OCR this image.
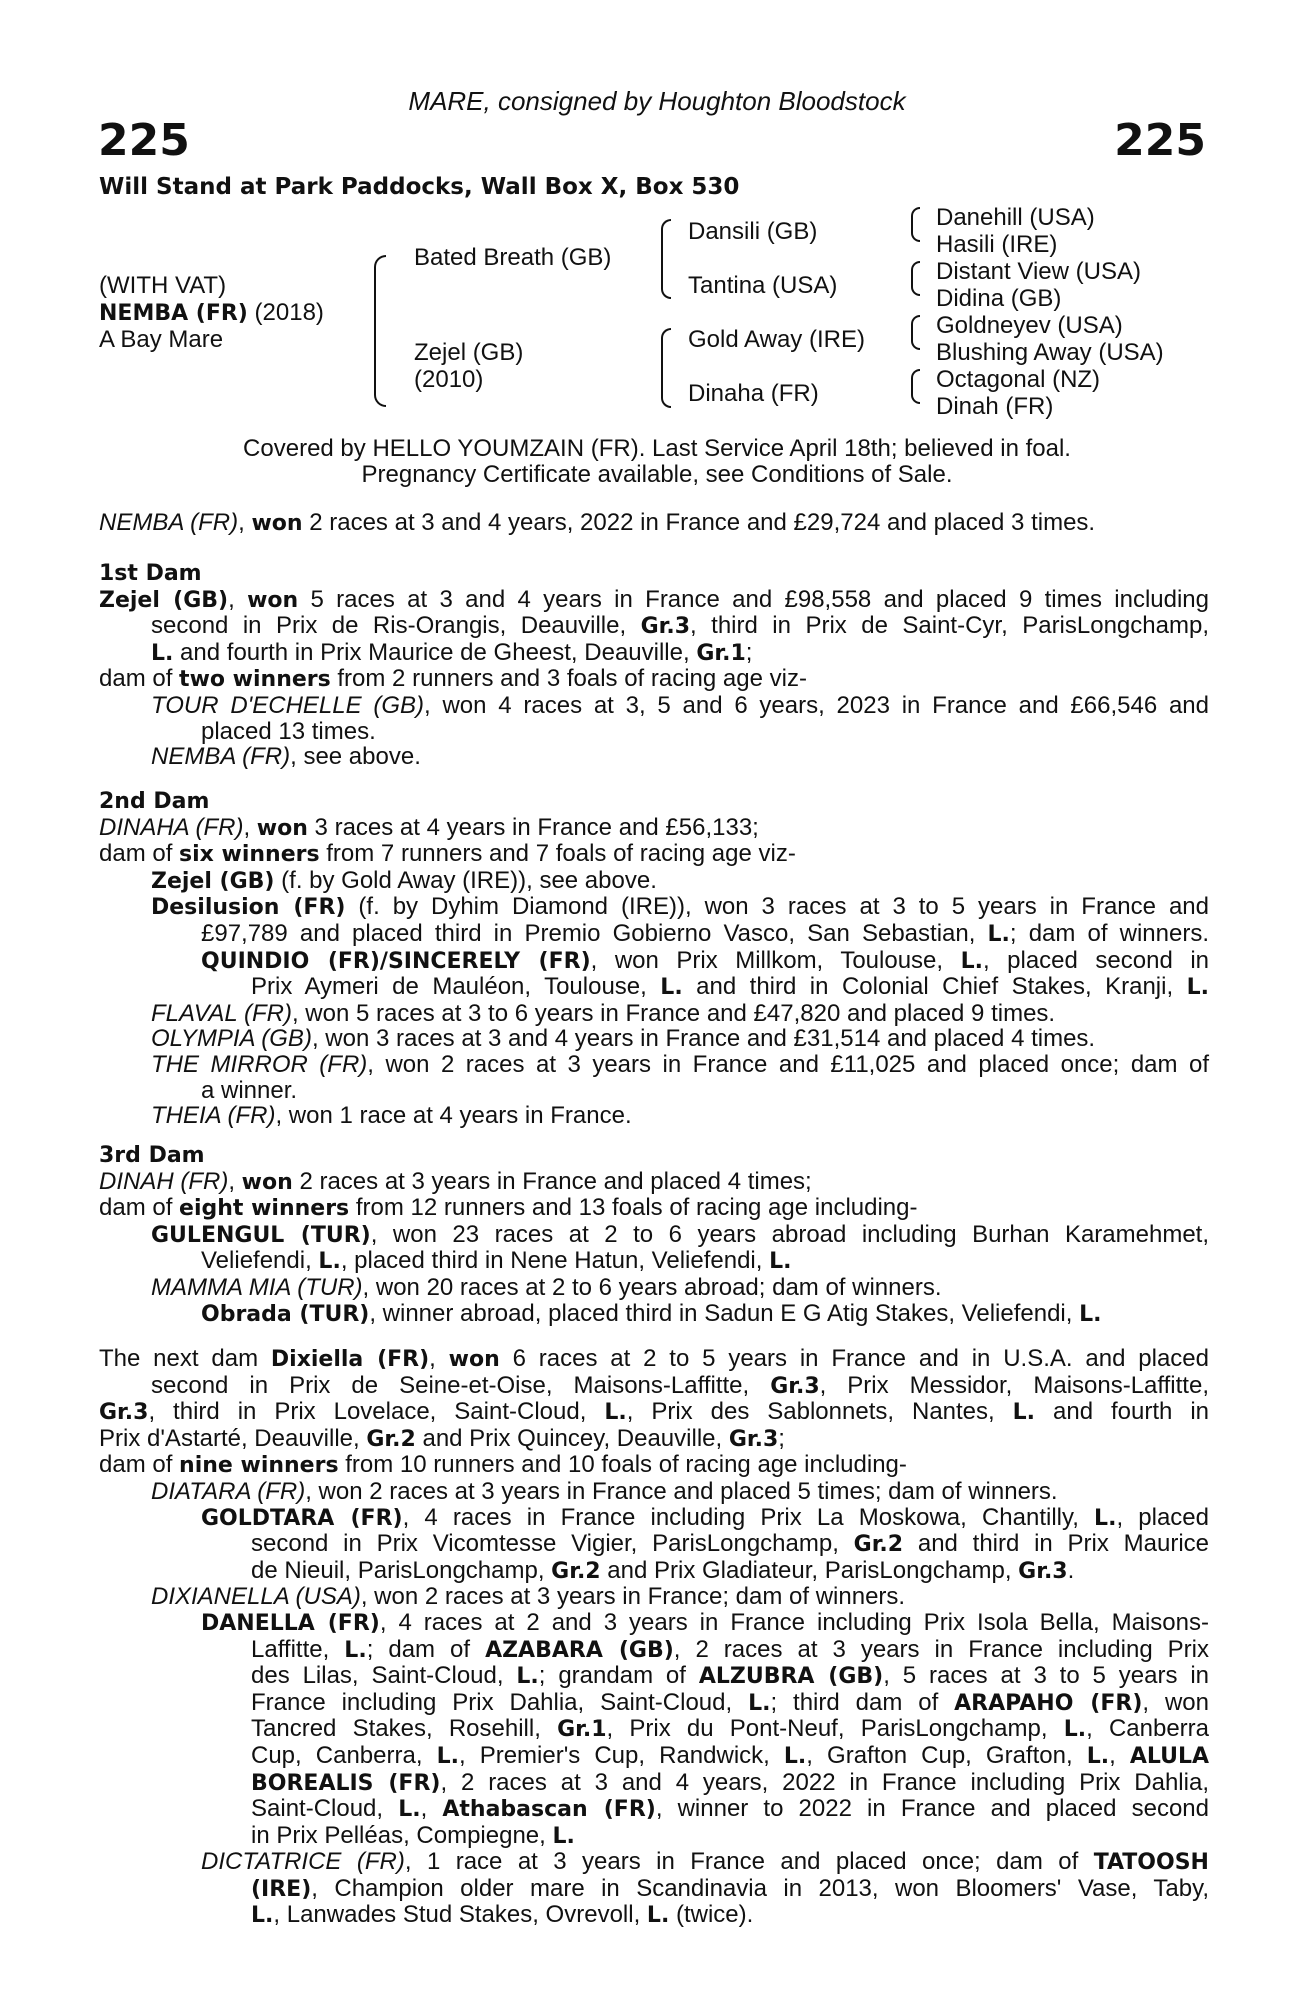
MARE, consigned by Houghton Bloodstock
225	225
Will Stand at Park Paddocks, Wall Box X, Box 530
(WITH VAT)
NEMBA (FR) (2018)
A Bay Mare
Bated Breath (GB)
Zejel (GB)
(2010)
Dansili (GB)
Tantina (USA)
Gold Away (IRE)
Dinaha (FR)
Danehill (USA)
Hasili (IRE)
Distant View (USA)
Didina (GB)
Goldneyev (USA)
Blushing Away (USA)
Octagonal (NZ)
Dinah (FR)
Covered by HELLO YOUMZAIN (FR). Last Service April 18th; believed in foal.
Pregnancy Certificate available, see Conditions of Sale.
NEMBA (FR), won 2 races at 3 and 4 years, 2022 in France and £29,724 and placed 3 times.
1st Dam
Zejel (GB), won 5 races at 3 and 4 years in France and £98,558 and placed 9 times including
second in Prix de Ris-Orangis, Deauville, Gr.3, third in Prix de Saint-Cyr, ParisLongchamp,
L. and fourth in Prix Maurice de Gheest, Deauville, Gr.1;
dam of two winners from 2 runners and 3 foals of racing age viz-
TOUR D'ECHELLE (GB), won 4 races at 3, 5 and 6 years, 2023 in France and £66,546 and
placed 13 times.
NEMBA (FR), see above.
2nd Dam
DINAHA (FR), won 3 races at 4 years in France and £56,133;
dam of six winners from 7 runners and 7 foals of racing age viz-
Zejel (GB) (f. by Gold Away (IRE)), see above.
Desilusion (FR) (f. by Dyhim Diamond (IRE)), won 3 races at 3 to 5 years in France and
£97,789 and placed third in Premio Gobierno Vasco, San Sebastian, L.; dam of winners.
QUINDIO (FR)/SINCERELY (FR), won Prix Millkom, Toulouse, L., placed second in
Prix Aymeri de Mauléon, Toulouse, L. and third in Colonial Chief Stakes, Kranji, L.
FLAVAL (FR), won 5 races at 3 to 6 years in France and £47,820 and placed 9 times.
OLYMPIA (GB), won 3 races at 3 and 4 years in France and £31,514 and placed 4 times.
THE MIRROR (FR), won 2 races at 3 years in France and £11,025 and placed once; dam of
a winner.
THEIA (FR), won 1 race at 4 years in France.
3rd Dam
DINAH (FR), won 2 races at 3 years in France and placed 4 times;
dam of eight winners from 12 runners and 13 foals of racing age including-
GULENGUL (TUR), won 23 races at 2 to 6 years abroad including Burhan Karamehmet,
Veliefendi, L., placed third in Nene Hatun, Veliefendi, L.
MAMMA MIA (TUR), won 20 races at 2 to 6 years abroad; dam of winners.
Obrada (TUR), winner abroad, placed third in Sadun E G Atig Stakes, Veliefendi, L.
The next dam Dixiella (FR), won 6 races at 2 to 5 years in France and in U.S.A. and placed
second in Prix de Seine-et-Oise, Maisons-Laffitte, Gr.3, Prix Messidor, Maisons-Laffitte,
Gr.3, third in Prix Lovelace, Saint-Cloud, L., Prix des Sablonnets, Nantes, L. and fourth in
Prix d'Astarté, Deauville, Gr.2 and Prix Quincey, Deauville, Gr.3;
dam of nine winners from 10 runners and 10 foals of racing age including-
DIATARA (FR), won 2 races at 3 years in France and placed 5 times; dam of winners.
GOLDTARA (FR), 4 races in France including Prix La Moskowa, Chantilly, L., placed
second in Prix Vicomtesse Vigier, ParisLongchamp, Gr.2 and third in Prix Maurice
de Nieuil, ParisLongchamp, Gr.2 and Prix Gladiateur, ParisLongchamp, Gr.3.
DIXIANELLA (USA), won 2 races at 3 years in France; dam of winners.
DANELLA (FR), 4 races at 2 and 3 years in France including Prix Isola Bella, Maisons-
Laffitte, L.; dam of AZABARA (GB), 2 races at 3 years in France including Prix
des Lilas, Saint-Cloud, L.; grandam of ALZUBRA (GB), 5 races at 3 to 5 years in
France including Prix Dahlia, Saint-Cloud, L.; third dam of ARAPAHO (FR), won
Tancred Stakes, Rosehill, Gr.1, Prix du Pont-Neuf, ParisLongchamp, L., Canberra
Cup, Canberra, L., Premier's Cup, Randwick, L., Grafton Cup, Grafton, L., ALULA
BOREALIS (FR), 2 races at 3 and 4 years, 2022 in France including Prix Dahlia,
Saint-Cloud, L., Athabascan (FR), winner to 2022 in France and placed second
in Prix Pelléas, Compiegne, L.
DICTATRICE (FR), 1 race at 3 years in France and placed once; dam of TATOOSH
(IRE), Champion older mare in Scandinavia in 2013, won Bloomers' Vase, Taby,
L., Lanwades Stud Stakes, Ovrevoll, L. (twice).
